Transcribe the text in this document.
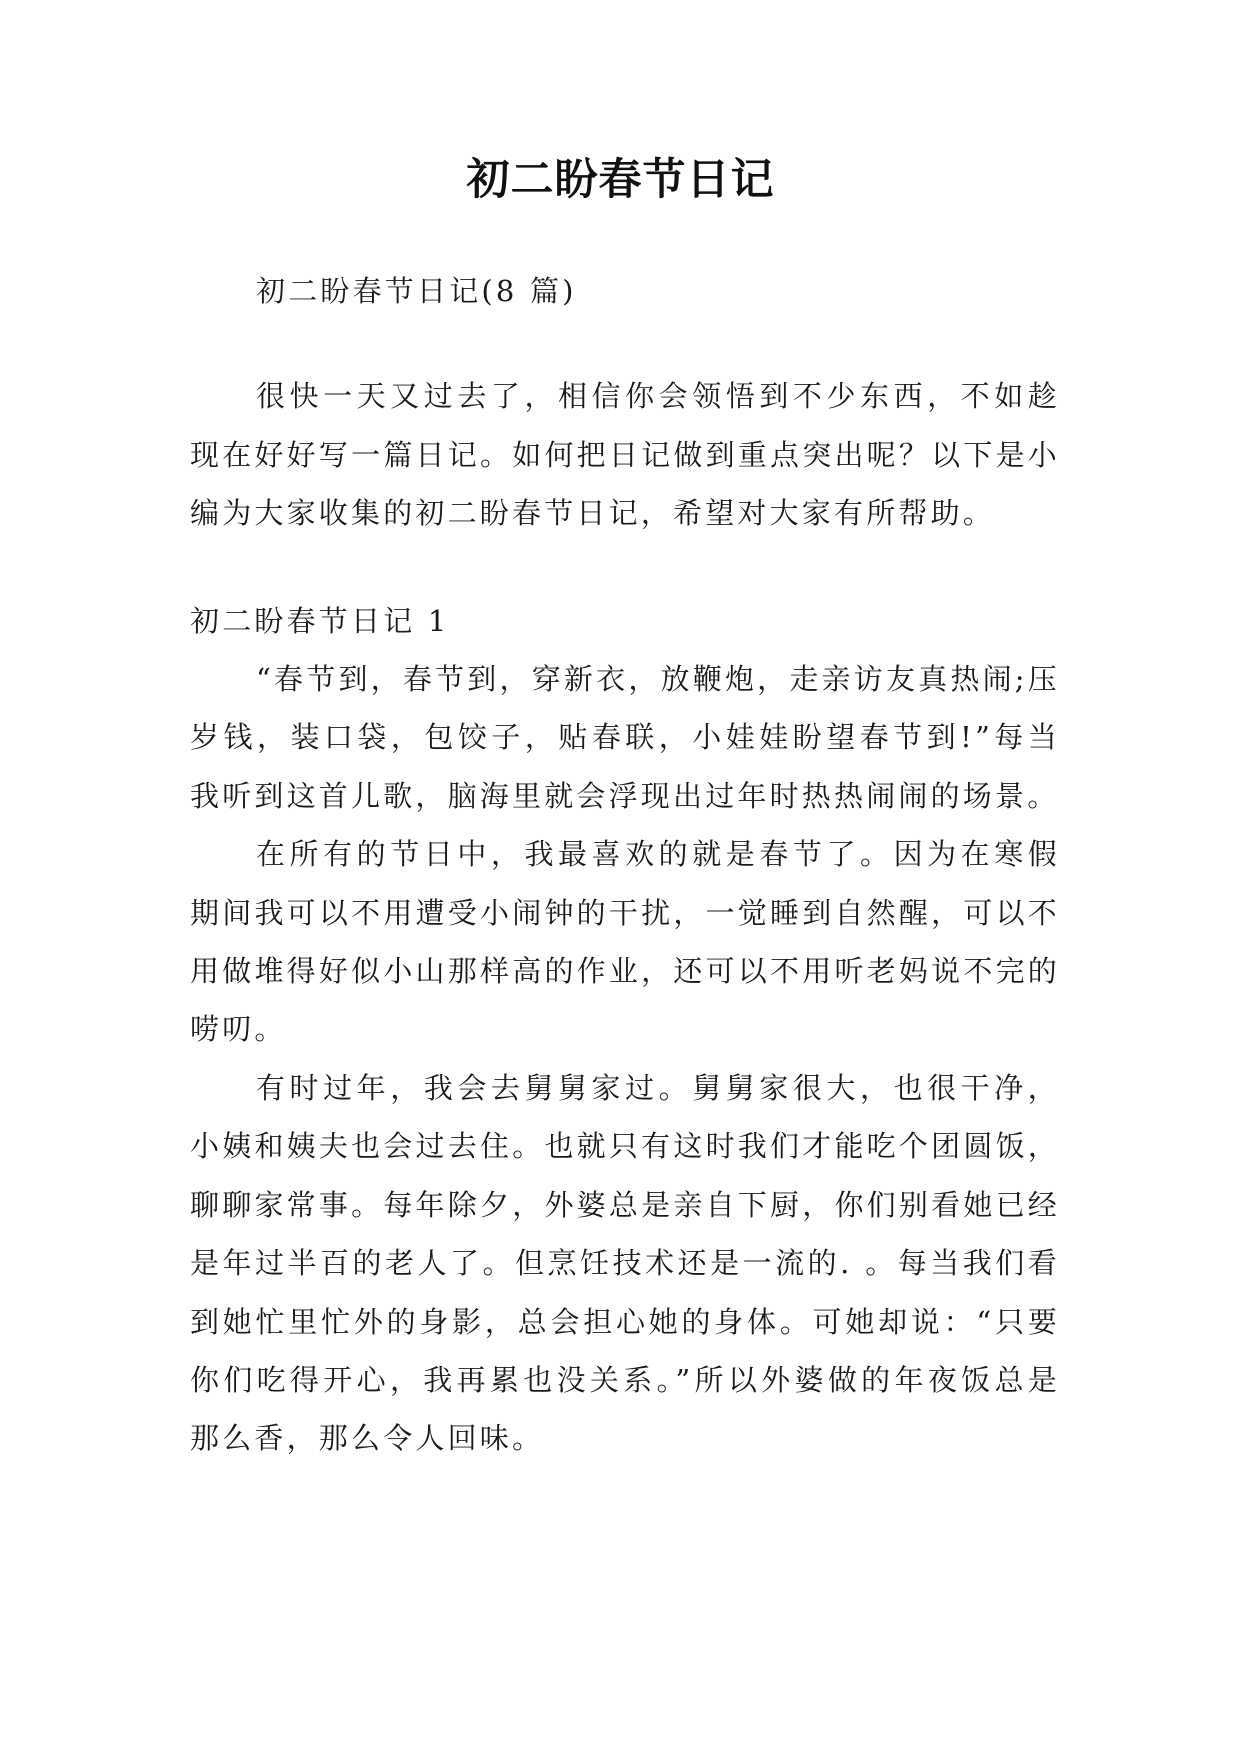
初二盼春节日记

初二盼春节日记(8 篇)

很快一天又过去了，相信你会领悟到不少东西，不如趁现在好好写一篇日记。如何把日记做到重点突出呢？以下是小编为大家收集的初二盼春节日记，希望对大家有所帮助。

初二盼春节日记 1

“春节到，春节到，穿新衣，放鞭炮，走亲访友真热闹;压岁钱，装口袋，包饺子，贴春联，小娃娃盼望春节到!”每当我听到这首儿歌，脑海里就会浮现出过年时热热闹闹的场景。

在所有的节日中，我最喜欢的就是春节了。因为在寒假期间我可以不用遭受小闹钟的干扰，一觉睡到自然醒，可以不用做堆得好似小山那样高的作业，还可以不用听老妈说不完的唠叨。

有时过年，我会去舅舅家过。舅舅家很大，也很干净，小姨和姨夫也会过去住。也就只有这时我们才能吃个团圆饭，聊聊家常事。每年除夕，外婆总是亲自下厨，你们别看她已经是年过半百的老人了。但烹饪技术还是一流的. 。每当我们看到她忙里忙外的身影，总会担心她的身体。可她却说：“只要你们吃得开心，我再累也没关系。”所以外婆做的年夜饭总是那么香，那么令人回味。
